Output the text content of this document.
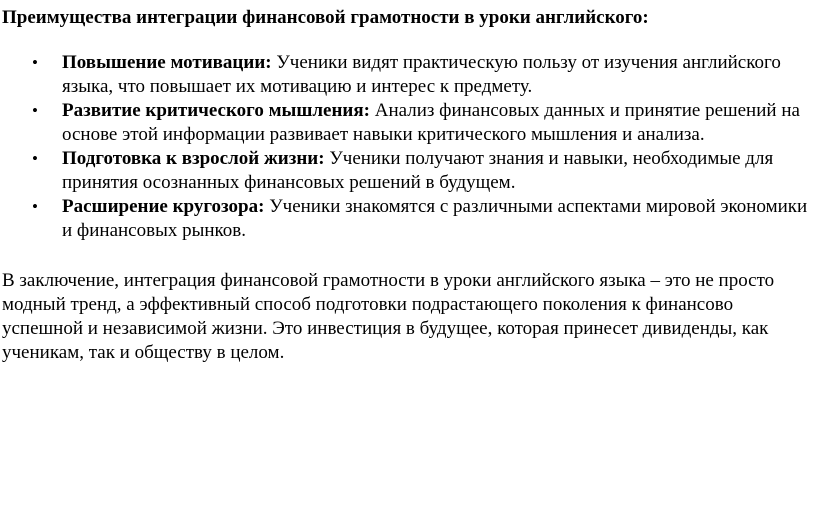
Преимущества интеграции финансовой грамотности в уроки английского:

• Повышение мотивации: Ученики видят практическую пользу от изучения английского языка, что повышает их мотивацию и интерес к предмету.
• Развитие критического мышления: Анализ финансовых данных и принятие решений на основе этой информации развивает навыки критического мышления и анализа.
• Подготовка к взрослой жизни: Ученики получают знания и навыки, необходимые для принятия осознанных финансовых решений в будущем.
• Расширение кругозора: Ученики знакомятся с различными аспектами мировой экономики и финансовых рынков.

В заключение, интеграция финансовой грамотности в уроки английского языка – это не просто модный тренд, а эффективный способ подготовки подрастающего поколения к финансово успешной и независимой жизни. Это инвестиция в будущее, которая принесет дивиденды, как ученикам, так и обществу в целом.
